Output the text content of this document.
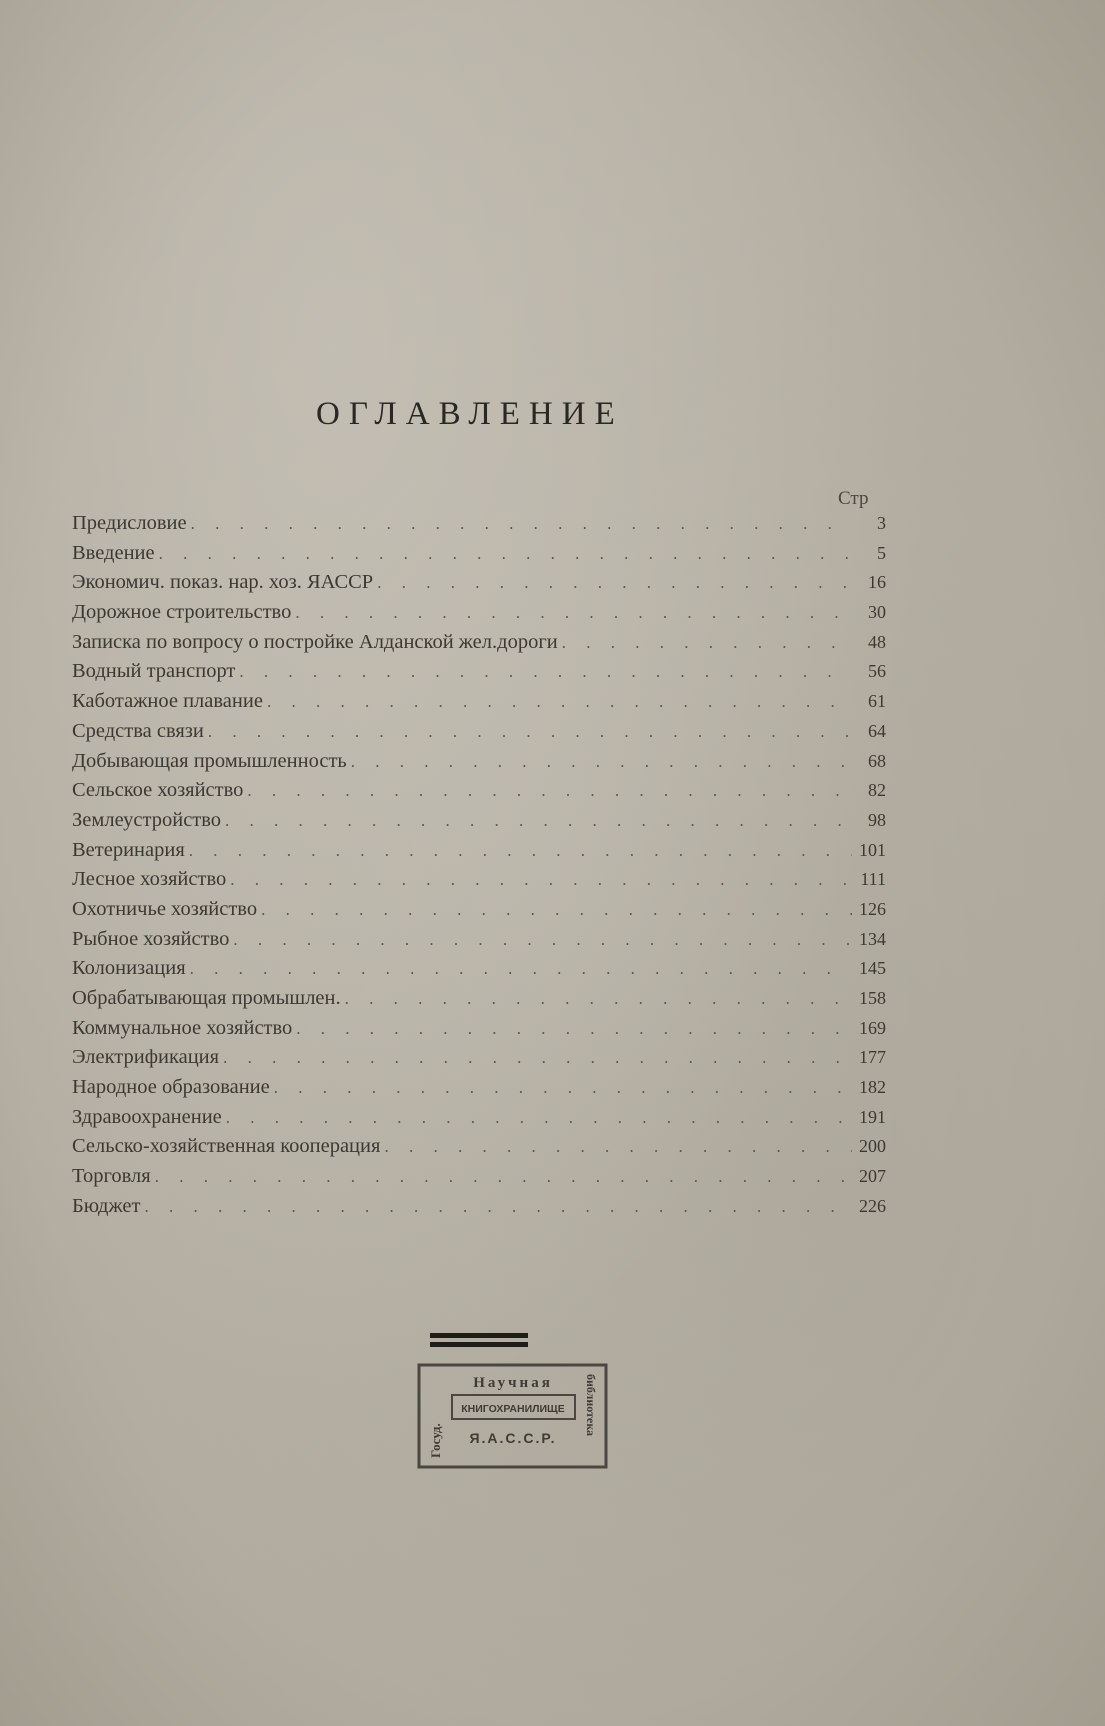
ОГЛАВЛЕНИЕ
Стр
Предисловие . . .	3
Введение . . .	5
Экономич. показ. нар. хоз. ЯАССР . . .	16
Дорожное строительство . . .	30
Записка по вопросу о постройке Алданской жел.дороги . . .	48
Водный транспорт . . .	56
Каботажное плавание . . .	61
Средства связи . . .	64
Добывающая промышленность . . .	68
Сельское хозяйство . . .	82
Землеустройство . . .	98
Ветеринария . . .	101
Лесное хозяйство . . .	111
Охотничье хозяйство . . .	126
Рыбное хозяйство . . .	134
Колонизация . . .	145
Обрабатывающая промышлен. . . .	158
Коммунальное хозяйство . . .	169
Электрификация . . .	177
Народное образование . . .	182
Здравоохранение . . .	191
Сельско-хозяйственная кооперация . . .	200
Торговля . . .	207
Бюджет . . .	226
Научная
КНИГОХРАНИЛИЩЕ
Я.А.С.С.Р.
Госуд.
библиотека
